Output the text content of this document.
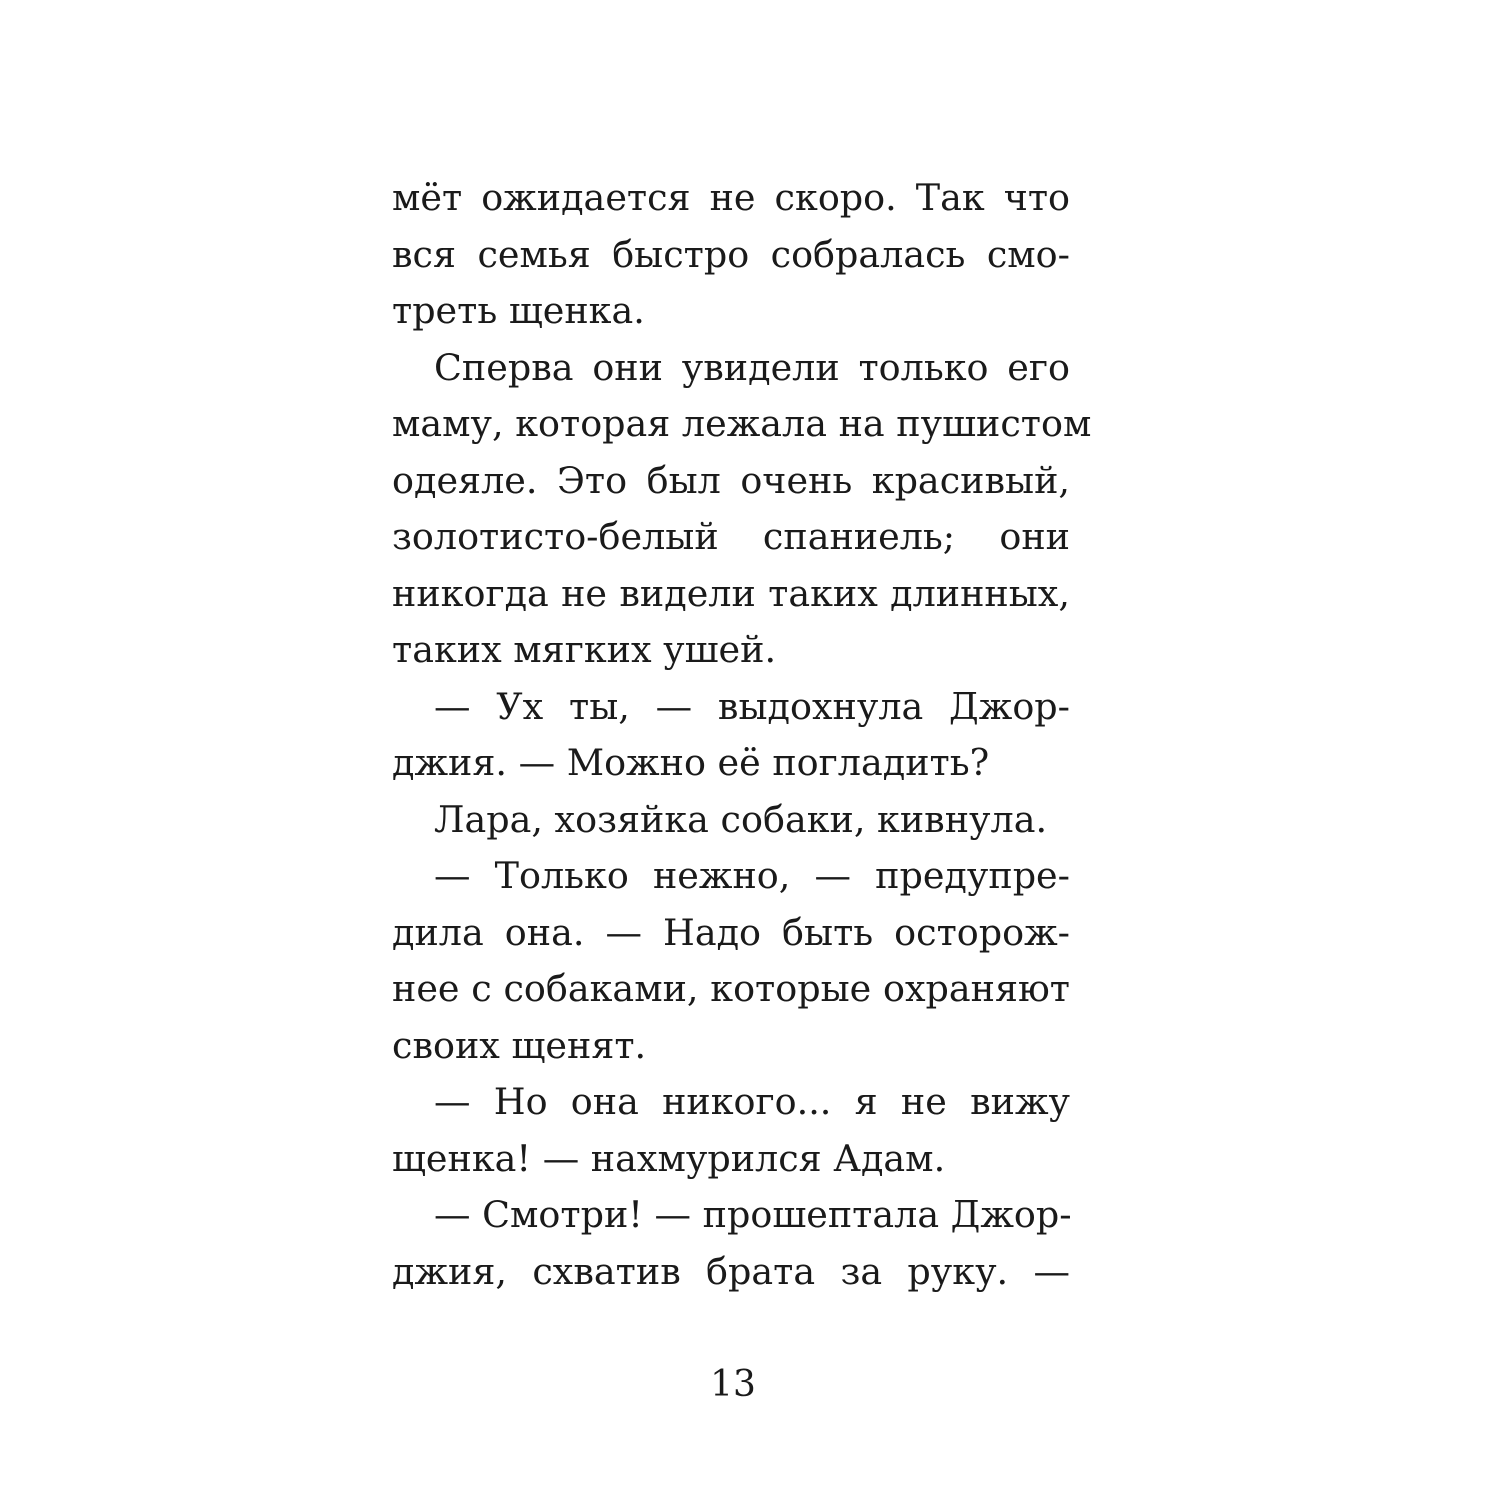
мёт ожидается не скоро. Так что
вся семья быстро собралась смо-
треть щенка.
Сперва они увидели только его
маму, которая лежала на пушистом
одеяле. Это был очень красивый,
золотисто-белый спаниель; они
никогда не видели таких длинных,
таких мягких ушей.
— Ух ты, — выдохнула Джор-
джия. — Можно её погладить?
Лара, хозяйка собаки, кивнула.
— Только нежно, — предупре-
дила она. — Надо быть осторож-
нее с собаками, которые охраняют
своих щенят.
— Но она никого... я не вижу
щенка! — нахмурился Адам.
— Смотри! — прошептала Джор-
джия, схватив брата за руку. —
13
